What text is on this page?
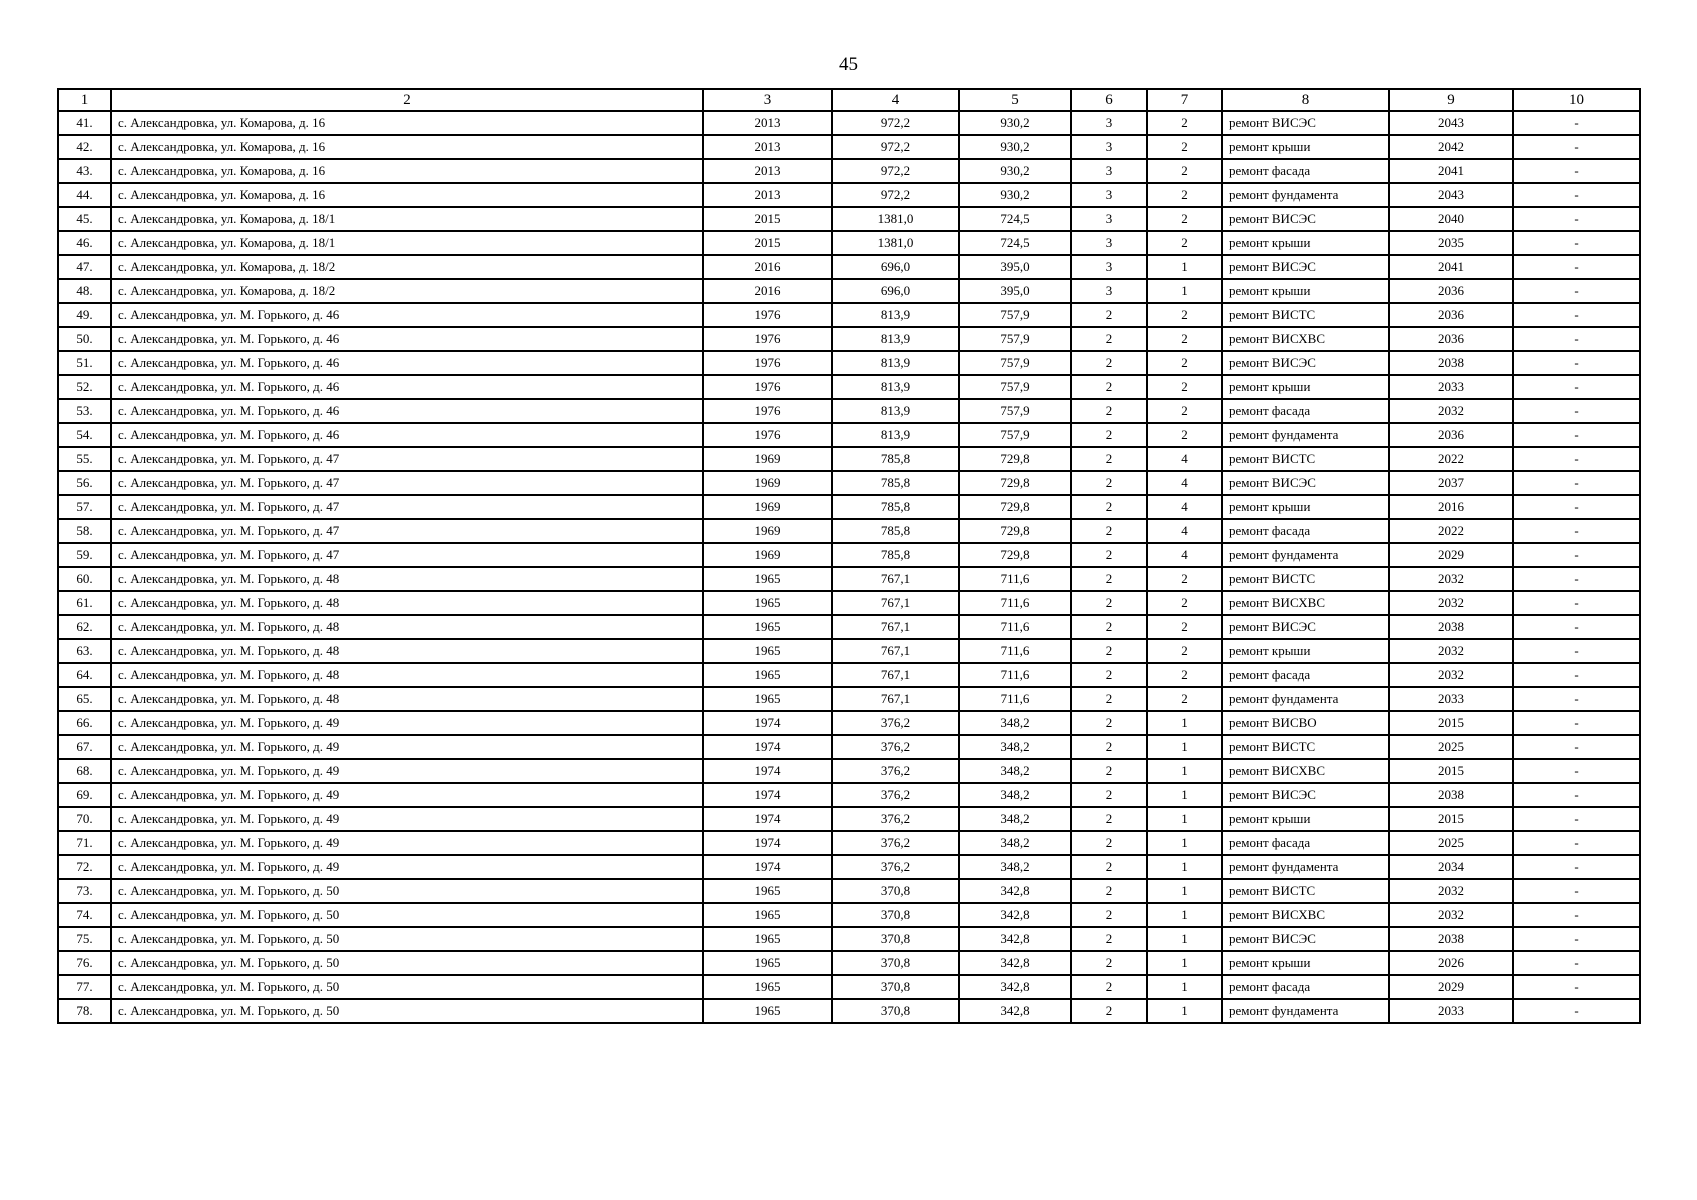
45
1	2	3	4	5	6	7	8	9	10
41.	с. Александровка, ул. Комарова, д. 16	2013	972,2	930,2	3	2	ремонт ВИСЭС	2043	-
42.	с. Александровка, ул. Комарова, д. 16	2013	972,2	930,2	3	2	ремонт крыши	2042	-
43.	с. Александровка, ул. Комарова, д. 16	2013	972,2	930,2	3	2	ремонт фасада	2041	-
44.	с. Александровка, ул. Комарова, д. 16	2013	972,2	930,2	3	2	ремонт фундамента	2043	-
45.	с. Александровка, ул. Комарова, д. 18/1	2015	1381,0	724,5	3	2	ремонт ВИСЭС	2040	-
46.	с. Александровка, ул. Комарова, д. 18/1	2015	1381,0	724,5	3	2	ремонт крыши	2035	-
47.	с. Александровка, ул. Комарова, д. 18/2	2016	696,0	395,0	3	1	ремонт ВИСЭС	2041	-
48.	с. Александровка, ул. Комарова, д. 18/2	2016	696,0	395,0	3	1	ремонт крыши	2036	-
49.	с. Александровка, ул. М. Горького, д. 46	1976	813,9	757,9	2	2	ремонт ВИСТС	2036	-
50.	с. Александровка, ул. М. Горького, д. 46	1976	813,9	757,9	2	2	ремонт ВИСХВС	2036	-
51.	с. Александровка, ул. М. Горького, д. 46	1976	813,9	757,9	2	2	ремонт ВИСЭС	2038	-
52.	с. Александровка, ул. М. Горького, д. 46	1976	813,9	757,9	2	2	ремонт крыши	2033	-
53.	с. Александровка, ул. М. Горького, д. 46	1976	813,9	757,9	2	2	ремонт фасада	2032	-
54.	с. Александровка, ул. М. Горького, д. 46	1976	813,9	757,9	2	2	ремонт фундамента	2036	-
55.	с. Александровка, ул. М. Горького, д. 47	1969	785,8	729,8	2	4	ремонт ВИСТС	2022	-
56.	с. Александровка, ул. М. Горького, д. 47	1969	785,8	729,8	2	4	ремонт ВИСЭС	2037	-
57.	с. Александровка, ул. М. Горького, д. 47	1969	785,8	729,8	2	4	ремонт крыши	2016	-
58.	с. Александровка, ул. М. Горького, д. 47	1969	785,8	729,8	2	4	ремонт фасада	2022	-
59.	с. Александровка, ул. М. Горького, д. 47	1969	785,8	729,8	2	4	ремонт фундамента	2029	-
60.	с. Александровка, ул. М. Горького, д. 48	1965	767,1	711,6	2	2	ремонт ВИСТС	2032	-
61.	с. Александровка, ул. М. Горького, д. 48	1965	767,1	711,6	2	2	ремонт ВИСХВС	2032	-
62.	с. Александровка, ул. М. Горького, д. 48	1965	767,1	711,6	2	2	ремонт ВИСЭС	2038	-
63.	с. Александровка, ул. М. Горького, д. 48	1965	767,1	711,6	2	2	ремонт крыши	2032	-
64.	с. Александровка, ул. М. Горького, д. 48	1965	767,1	711,6	2	2	ремонт фасада	2032	-
65.	с. Александровка, ул. М. Горького, д. 48	1965	767,1	711,6	2	2	ремонт фундамента	2033	-
66.	с. Александровка, ул. М. Горького, д. 49	1974	376,2	348,2	2	1	ремонт ВИСВО	2015	-
67.	с. Александровка, ул. М. Горького, д. 49	1974	376,2	348,2	2	1	ремонт ВИСТС	2025	-
68.	с. Александровка, ул. М. Горького, д. 49	1974	376,2	348,2	2	1	ремонт ВИСХВС	2015	-
69.	с. Александровка, ул. М. Горького, д. 49	1974	376,2	348,2	2	1	ремонт ВИСЭС	2038	-
70.	с. Александровка, ул. М. Горького, д. 49	1974	376,2	348,2	2	1	ремонт крыши	2015	-
71.	с. Александровка, ул. М. Горького, д. 49	1974	376,2	348,2	2	1	ремонт фасада	2025	-
72.	с. Александровка, ул. М. Горького, д. 49	1974	376,2	348,2	2	1	ремонт фундамента	2034	-
73.	с. Александровка, ул. М. Горького, д. 50	1965	370,8	342,8	2	1	ремонт ВИСТС	2032	-
74.	с. Александровка, ул. М. Горького, д. 50	1965	370,8	342,8	2	1	ремонт ВИСХВС	2032	-
75.	с. Александровка, ул. М. Горького, д. 50	1965	370,8	342,8	2	1	ремонт ВИСЭС	2038	-
76.	с. Александровка, ул. М. Горького, д. 50	1965	370,8	342,8	2	1	ремонт крыши	2026	-
77.	с. Александровка, ул. М. Горького, д. 50	1965	370,8	342,8	2	1	ремонт фасада	2029	-
78.	с. Александровка, ул. М. Горького, д. 50	1965	370,8	342,8	2	1	ремонт фундамента	2033	-
